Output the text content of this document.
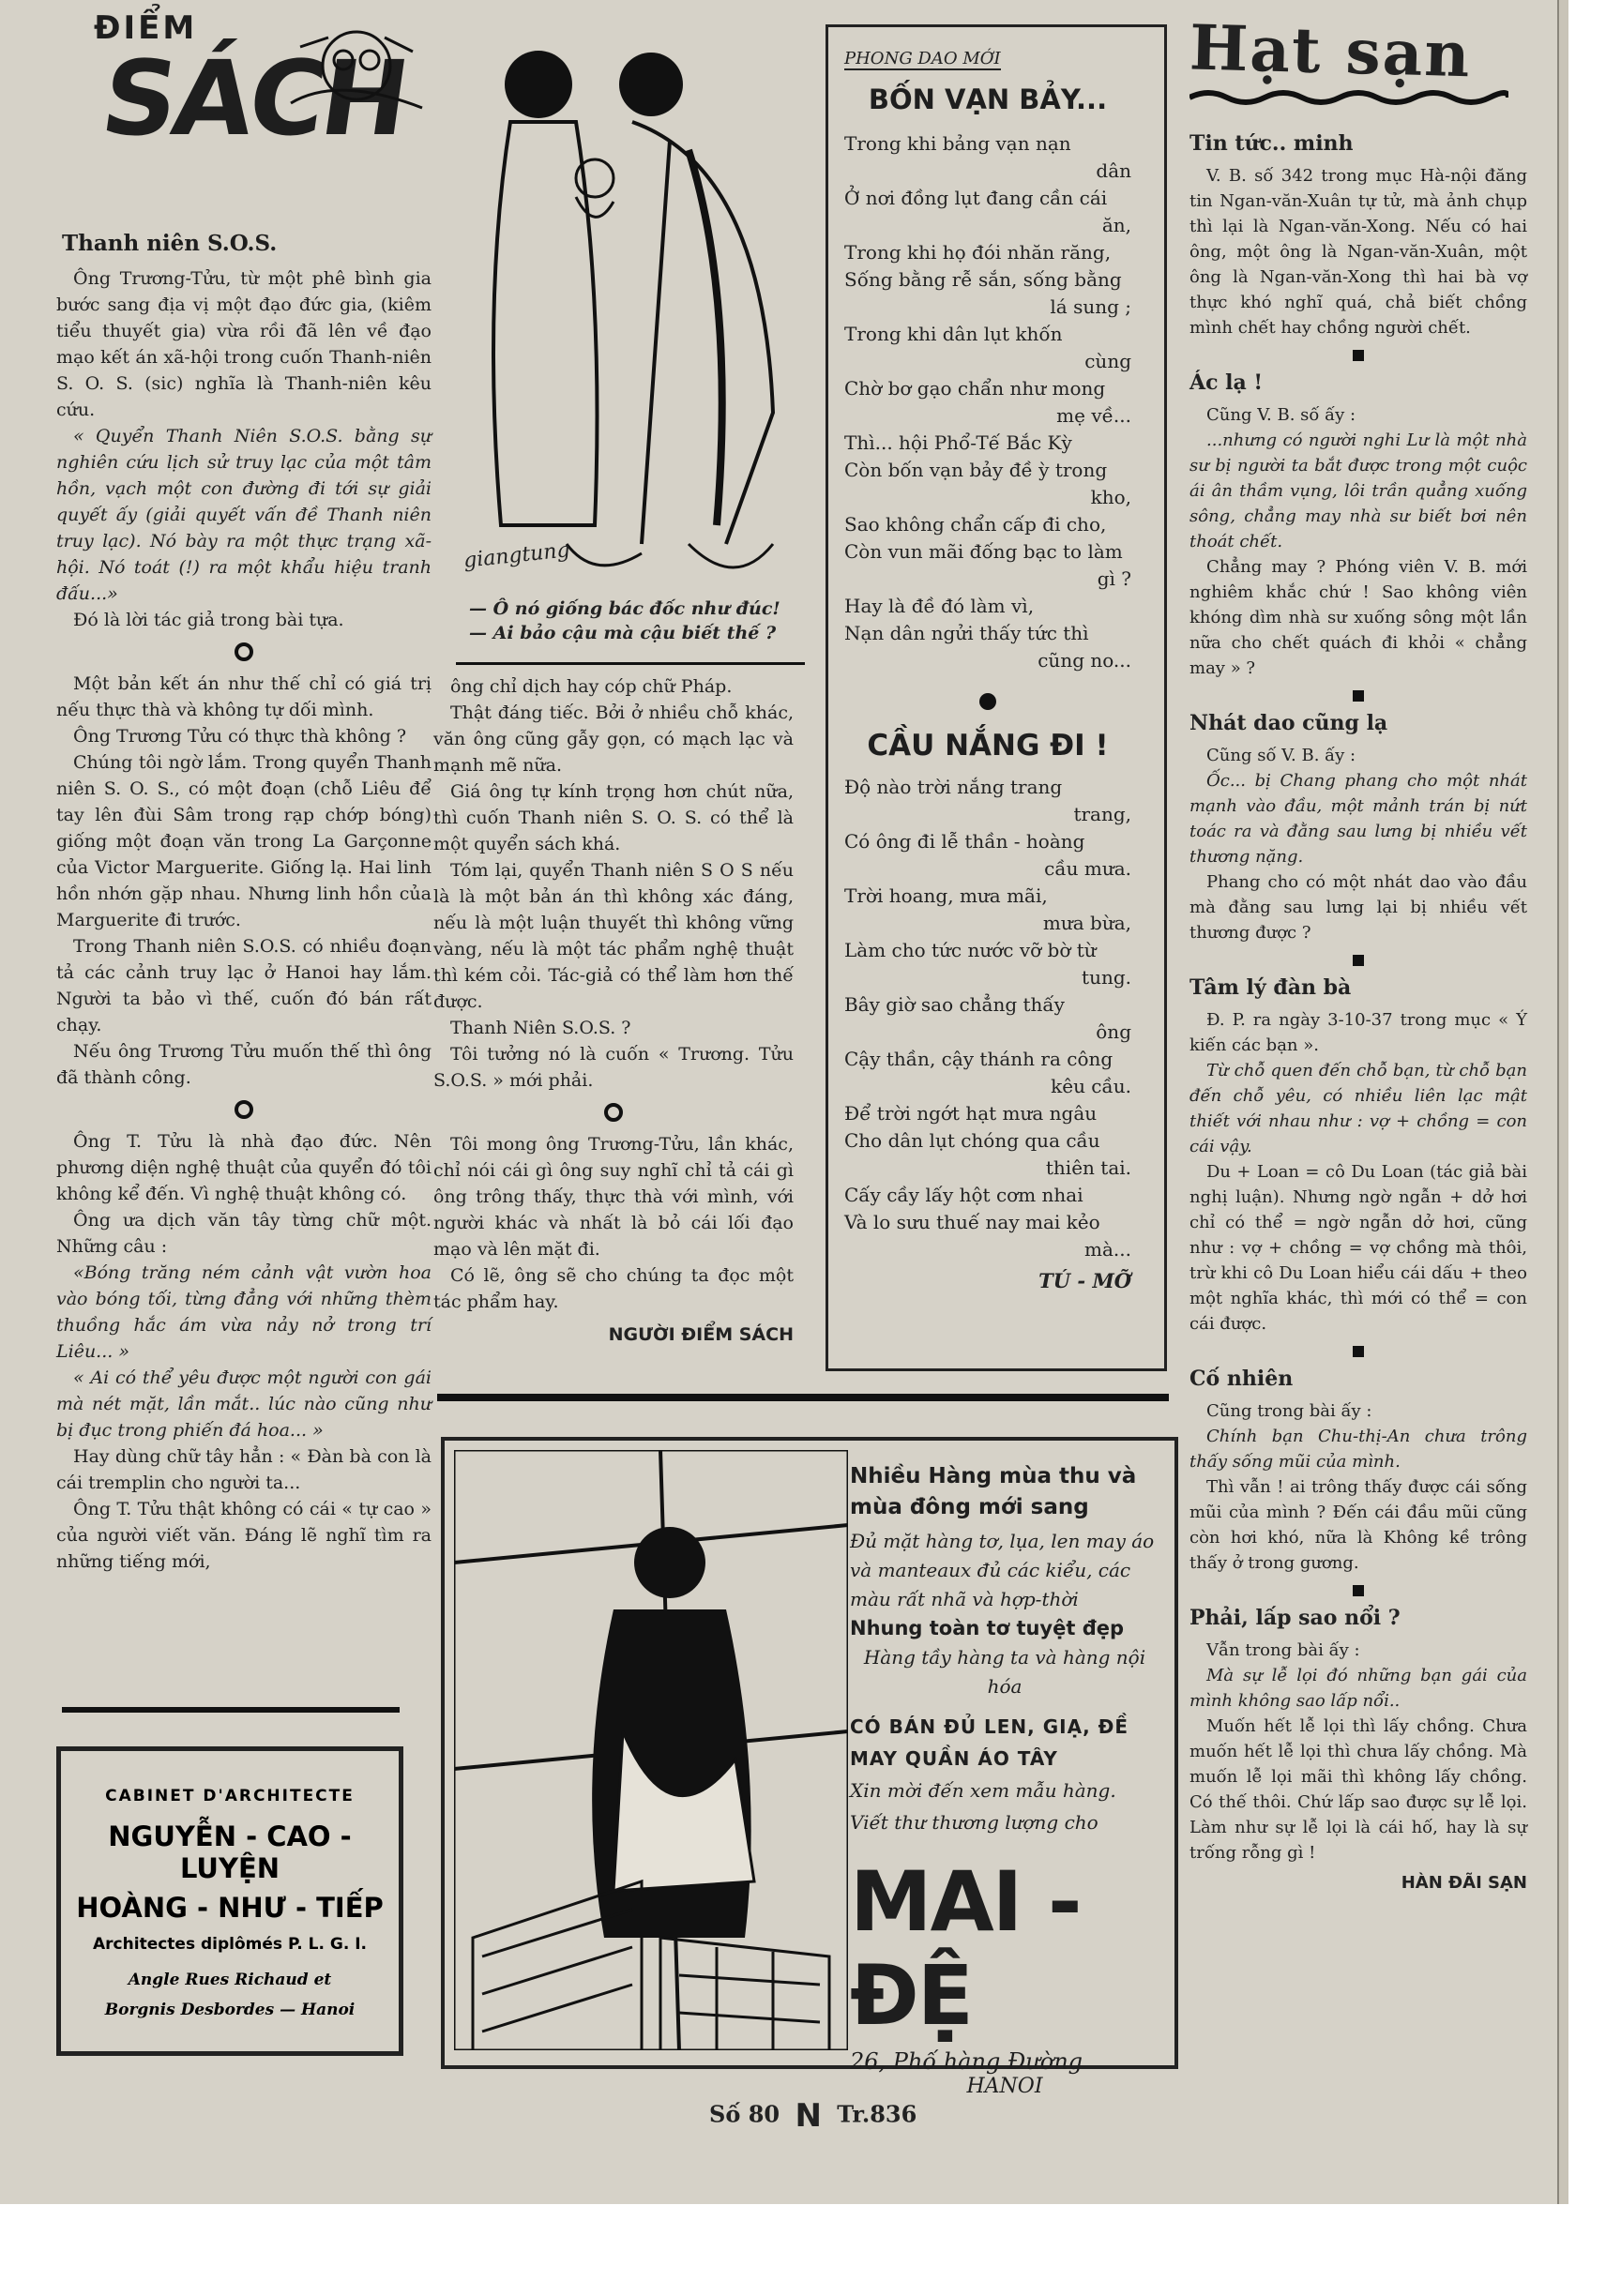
ĐIỂM
SÁCH
Thanh niên S.O.S.

Ông Trương-Tửu, từ một phê bình gia bước sang địa vị một đạo đức gia, (kiêm tiểu thuyết gia) vừa rồi đã lên về đạo mạo kết án xã-hội trong cuốn Thanh-niên S. O. S. (sic) nghĩa là Thanh-niên kêu cứu.

« Quyển Thanh Niên S.O.S. bằng sự nghiên cứu lịch sử truy lạc của một tâm hồn, vạch một con đường đi tới sự giải quyết ấy (giải quyết vấn đề Thanh niên truy lạc). Nó bày ra một thực trạng xã-hội. Nó toát (!) ra một khẩu hiệu tranh đấu...»

Đó là lời tác giả trong bài tựa.

Một bản kết án như thế chỉ có giá trị nếu thực thà và không tự dối mình.

Ông Trương Tửu có thực thà không ?

Chúng tôi ngờ lắm. Trong quyển Thanh niên S. O. S., có một đoạn (chỗ Liêu để tay lên đùi Sâm trong rạp chớp bóng) giống một đoạn văn trong La Garçonne của Victor Marguerite. Giống lạ. Hai linh hồn nhớn gặp nhau. Nhưng linh hồn của Marguerite đi trước.

Trong Thanh niên S.O.S. có nhiều đoạn tả các cảnh truy lạc ở Hanoi hay lắm. Người ta bảo vì thế, cuốn đó bán rất chạy.

Nếu ông Trương Tửu muốn thế thì ông đã thành công.

Ông T. Tửu là nhà đạo đức. Nên phương diện nghệ thuật của quyển đó tôi không kể đến. Vì nghệ thuật không có.

Ông ưa dịch văn tây từng chữ một. Những câu :

«Bóng trăng ném cảnh vật vườn hoa vào bóng tối, từng đẳng với những thèm thuồng hắc ám vừa nảy nở trong trí Liêu... »

« Ai có thể yêu được một người con gái mà nét mặt, lần mắt.. lúc nào cũng như bị đục trong phiến đá hoa... »

Hay dùng chữ tây hẳn : « Đàn bà con là cái tremplin cho người ta...

Ông T. Tửu thật không có cái « tự cao » của người viết văn. Đáng lẽ nghĩ tìm ra những tiếng mới,

CABINET D'ARCHITECTE
NGUYỄN - CAO - LUYỆN
HOÀNG - NHƯ - TIẾP
Architectes diplômés P. L. G. I.
Angle Rues Richaud et
Borgnis Desbordes — Hanoi
giangtung
— Ô nó giống bác đốc như đúc!
— Ai bảo cậu mà cậu biết thế ?

ông chỉ dịch hay cóp chữ Pháp.

Thật đáng tiếc. Bởi ở nhiều chỗ khác, văn ông cũng gẫy gọn, có mạch lạc và mạnh mẽ nữa.

Giá ông tự kính trọng hơn chút nữa, thì cuốn Thanh niên S. O. S. có thể là một quyển sách khá.

Tóm lại, quyển Thanh niên S O S nếu là là một bản án thì không xác đáng, nếu là một luận thuyết thì không vững vàng, nếu là một tác phẩm nghệ thuật thì kém cỏi. Tác-giả có thể làm hơn thế được.

Thanh Niên S.O.S. ?

Tôi tưởng nó là cuốn « Trương. Tửu S.O.S. » mới phải.

Tôi mong ông Trương-Tửu, lần khác, chỉ nói cái gì ông suy nghĩ chỉ tả cái gì ông trông thấy, thực thà với mình, với người khác và nhất là bỏ cái lối đạo mạo và lên mặt đi.

Có lẽ, ông sẽ cho chúng ta đọc một tác phẩm hay.

NGƯỜI ĐIỂM SÁCH
PHONG DAO MỚI
BỐN VẠN BẢY...

Trong khi bảng vạn nạn

dân

Ở nơi đồng lụt đang cần cái

ăn,

Trong khi họ đói nhăn răng,

Sống bằng rễ sắn, sống bằng

lá sung ;

Trong khi dân lụt khốn

cùng

Chờ bơ gạo chẩn như mong

mẹ về...

Thì... hội Phổ-Tế Bắc Kỳ

Còn bốn vạn bảy đề ỳ trong

kho,

Sao không chẩn cấp đi cho,

Còn vun mãi đống bạc to làm

gì ?

Hay là đề đó làm vì,

Nạn dân ngửi thấy tức thì

cũng no...

CẦU NẮNG ĐI !

Độ nào trời nắng trang

trang,

Có ông đi lễ thần - hoàng

cầu mưa.

Trời hoang, mưa mãi,

mưa bừa,

Làm cho tức nước vỡ bờ từ

tung.

Bây giờ sao chẳng thấy

ông

Cậy thần, cậy thánh ra công

kêu cầu.

Để trời ngớt hạt mưa ngâu

Cho dân lụt chóng qua cầu

thiên tai.

Cấy cầy lấy hột cơm nhai

Và lo sưu thuế nay mai kẻo

mà...

TÚ - MỠ
Hạt sạn
Tin tức.. minh

V. B. số 342 trong mục Hà-nội đăng tin Ngan-văn-Xuân tự tử, mà ảnh chụp thì lại là Ngan-văn-Xong. Nếu có hai ông, một ông là Ngan-văn-Xuân, một ông là Ngan-văn-Xong thì hai bà vợ thực khó nghĩ quá, chả biết chồng mình chết hay chồng người chết.

Ác lạ !

Cũng V. B. số ấy :

...nhưng có người nghi Lư là một nhà sư bị người ta bắt được trong một cuộc ái ân thầm vụng, lôi trần quẳng xuống sông, chẳng may nhà sư biết bơi nên thoát chết.

Chẳng may ? Phóng viên V. B. mới nghiêm khắc chứ ! Sao không viên khóng dìm nhà sư xuống sông một lần nữa cho chết quách đi khỏi « chẳng may » ?

Nhát dao cũng lạ

Cũng số V. B. ấy :

Ốc... bị Chang phang cho một nhát mạnh vào đầu, một mảnh trán bị nứt toác ra và đằng sau lưng bị nhiều vết thương nặng.

Phang cho có một nhát dao vào đầu mà đằng sau lưng lại bị nhiều vết thương được ?

Tâm lý đàn bà

Đ. P. ra ngày 3-10-37 trong mục « Ý kiến các bạn ».

Từ chỗ quen đến chỗ bạn, từ chỗ bạn đến chỗ yêu, có nhiều liên lạc mật thiết với nhau như : vợ + chồng = con cái vậy.

Du + Loan = cô Du Loan (tác giả bài nghị luận). Nhưng ngờ ngẫn + dở hơi chỉ có thể = ngờ ngẫn dở hơi, cũng như : vợ + chồng = vợ chồng mà thôi, trừ khi cô Du Loan hiểu cái dấu + theo một nghĩa khác, thì mới có thể = con cái được.

Cố nhiên

Cũng trong bài ấy :

Chính bạn Chu-thị-An chưa trông thấy sống mũi của mình.

Thì vẫn ! ai trông thấy được cái sống mũi của mình ? Đến cái đầu mũi cũng còn hơi khó, nữa là Không kề trông thấy ở trong gương.

Phải, lấp sao nổi ?

Vẫn trong bài ấy :

Mà sự lễ lọi đó những bạn gái của mình không sao lấp nổi..

Muốn hết lễ lọi thì lấy chồng. Chưa muốn hết lễ lọi thì chưa lấy chồng. Mà muốn lễ lọi mãi thì không lấy chồng. Có thế thôi. Chứ lấp sao được sự lễ lọi. Làm như sự lễ lọi là cái hố, hay là sự trống rỗng gì !

HÀN ĐÃI SẠN
Nhiều Hàng mùa thu và mùa đông mới sang
Đủ mặt hàng tơ, lụa, len may áo và manteaux đủ các kiểu, các màu rất nhã và hợp-thời
Nhung toàn tơ tuyệt đẹp
Hàng tầy hàng ta và hàng nội hóa
CÓ BÁN ĐỦ LEN, GIẠ, ĐỀ MAY QUẦN ÁO TÂY
Xin mời đến xem mẫu hàng. Viết thư thương lượng cho
MAI - ĐỆ
26, Phố hàng Đường
HANOI
Số 80 N Tr.836
